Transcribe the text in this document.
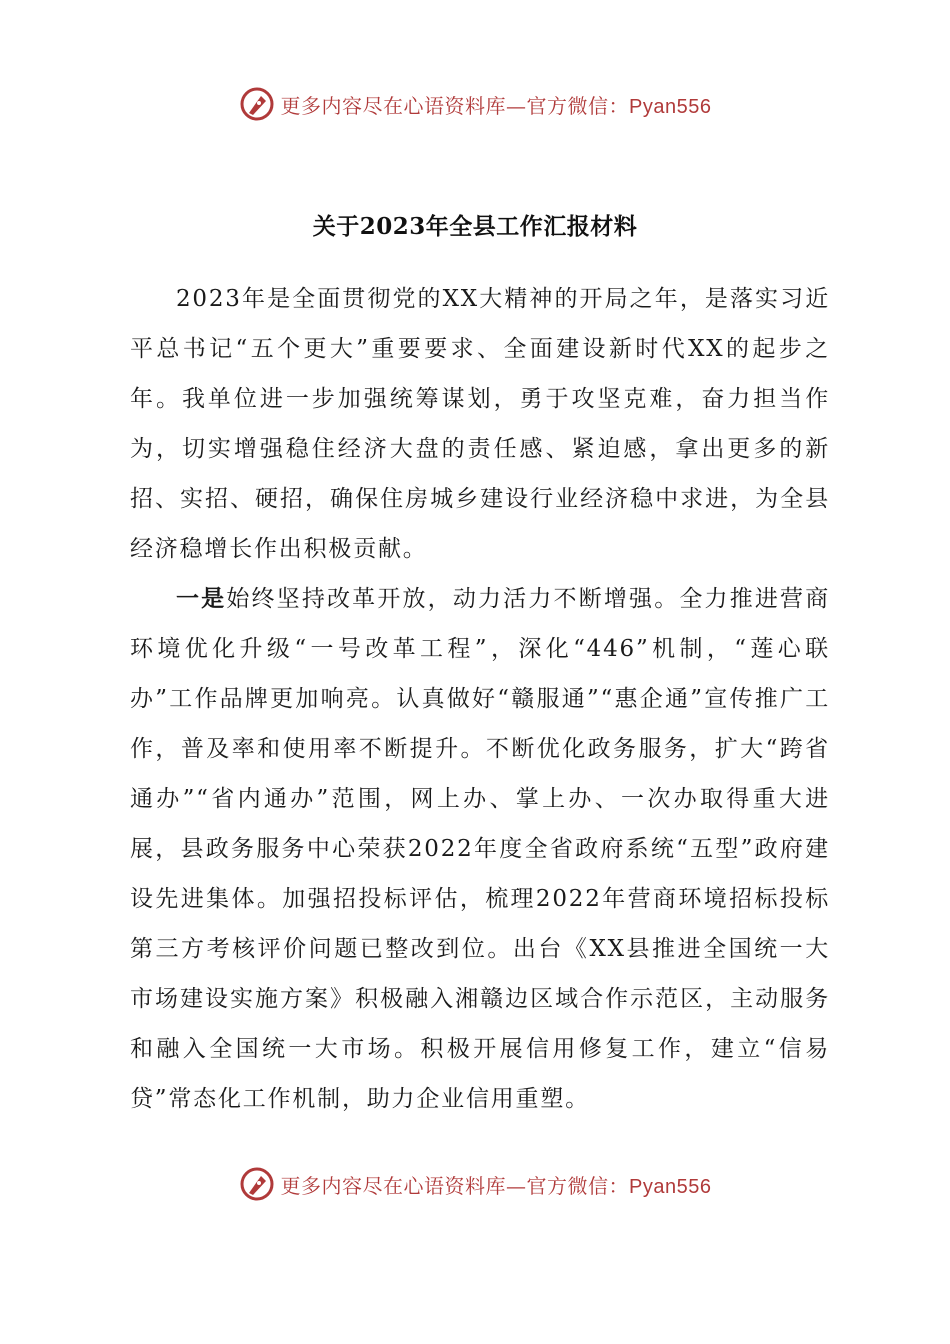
更多内容尽在心语资料库—官方微信：Pyan556
关于2023年全县工作汇报材料

2023年是全面贯彻党的XX大精神的开局之年，是落实习近平总书记“五个更大”重要要求、全面建设新时代XX的起步之年。我单位进一步加强统筹谋划，勇于攻坚克难，奋力担当作为，切实增强稳住经济大盘的责任感、紧迫感，拿出更多的新招、实招、硬招，确保住房城乡建设行业经济稳中求进，为全县经济稳增长作出积极贡献。

一是始终坚持改革开放，动力活力不断增强。全力推进营商环境优化升级“一号改革工程”，深化“446”机制，“莲心联办”工作品牌更加响亮。认真做好“赣服通”“惠企通”宣传推广工作，普及率和使用率不断提升。不断优化政务服务，扩大“跨省通办”“省内通办”范围，网上办、掌上办、一次办取得重大进展，县政务服务中心荣获2022年度全省政府系统“五型”政府建设先进集体。加强招投标评估，梳理2022年营商环境招标投标第三方考核评价问题已整改到位。出台《XX县推进全国统一大市场建设实施方案》积极融入湘赣边区域合作示范区，主动服务和融入全国统一大市场。积极开展信用修复工作，建立“信易贷”常态化工作机制，助力企业信用重塑。

更多内容尽在心语资料库—官方微信：Pyan556
